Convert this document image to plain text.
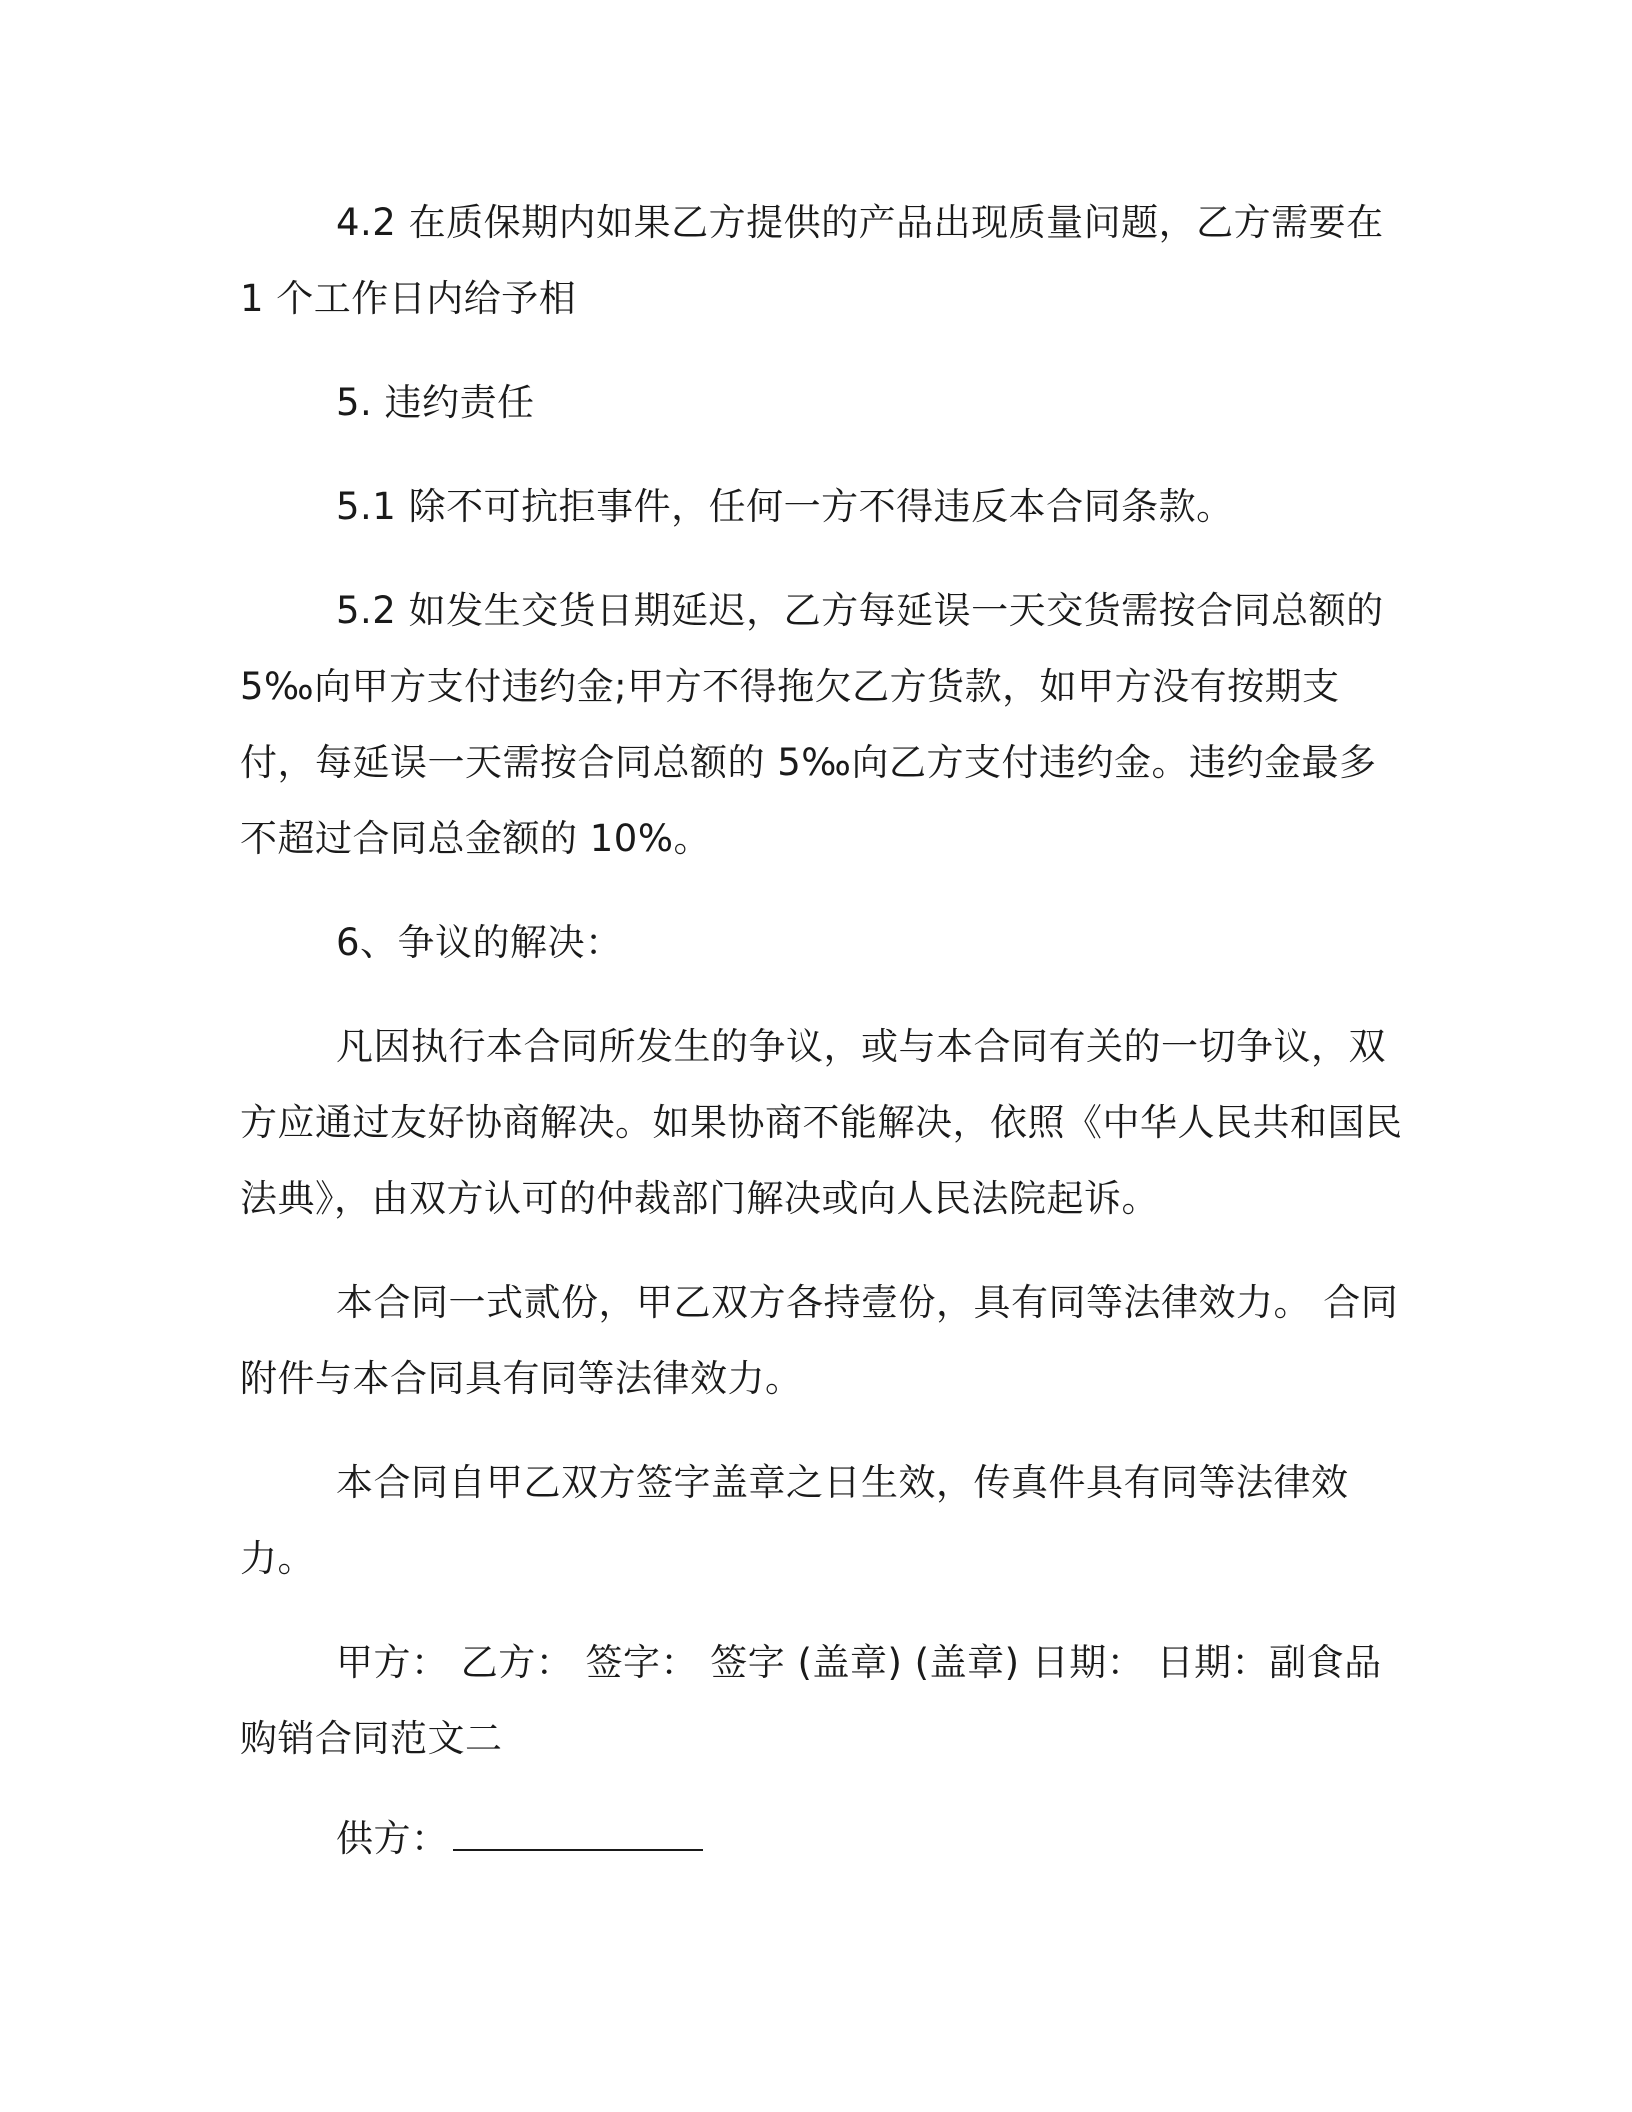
4.2 在质保期内如果乙方提供的产品出现质量问题，乙方需要在1 个工作日内给予相

5. 违约责任

5.1 除不可抗拒事件，任何一方不得违反本合同条款。

5.2 如发生交货日期延迟，乙方每延误一天交货需按合同总额的5‰向甲方支付违约金;甲方不得拖欠乙方货款，如甲方没有按期支付，每延误一天需按合同总额的 5‰向乙方支付违约金。违约金最多不超过合同总金额的 10%。

6、争议的解决：

凡因执行本合同所发生的争议，或与本合同有关的一切争议，双方应通过友好协商解决。如果协商不能解决，依照《中华人民共和国民法典》，由双方认可的仲裁部门解决或向人民法院起诉。

本合同一式贰份，甲乙双方各持壹份，具有同等法律效力。 合同附件与本合同具有同等法律效力。

本合同自甲乙双方签字盖章之日生效，传真件具有同等法律效力。

甲方： 乙方： 签字： 签字 (盖章) (盖章) 日期： 日期：副食品购销合同范文二

供方：
